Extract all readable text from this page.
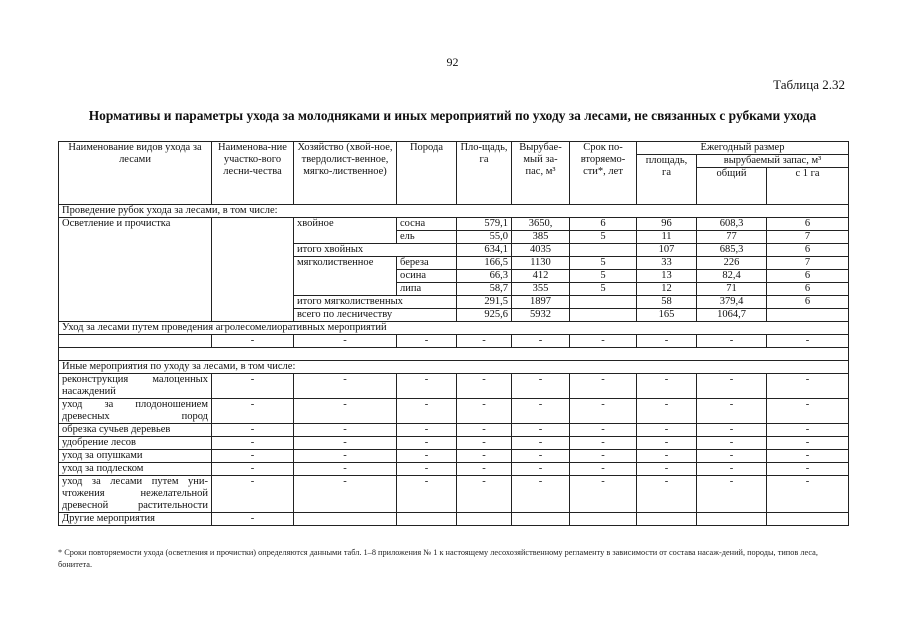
92
Таблица 2.32
Нормативы и параметры ухода за молодняками и иных мероприятий по уходу за лесами, не связанных с рубками ухода
Наименование видов ухода за лесами	Наименова-ние участко-вого лесни-чества	Хозяйство (хвой-ное, твердолист-венное, мягко-лиственное)	Порода	Пло-щадь, га	Вырубае-мый за-пас, м³	Срок по-вторяемо-сти*, лет	Ежегодный размер		
							площадь, га	вырубаемый запас, м³	
								общий	с 1 га
Проведение рубок ухода за лесами, в том числе:									
Осветление и прочистка		хвойное	сосна	579,1	3650,	6	96	608,3	6
			ель	55,0	385	5	11	77	7
		итого хвойных		634,1	4035		107	685,3	6
		мягколиственное	береза	166,5	1130	5	33	226	7
			осина	66,3	412	5	13	82,4	6
			липа	58,7	355	5	12	71	6
		итого мягколиственных		291,5	1897		58	379,4	6
		всего по лесничеству		925,6	5932		165	1064,7	
Уход за лесами путем проведения агролесомелиоративных мероприятий									
	-	-	-	-	-	-	-	-	-

Иные мероприятия по уходу за лесами, в том числе:									
реконструкция малоценных насаждений	-	-	-	-	-	-	-	-	-
уход за плодоношением древесных пород	-	-	-	-	-	-	-	-	-
обрезка сучьев деревьев	-	-	-	-	-	-	-	-	-
удобрение лесов	-	-	-	-	-	-	-	-	-
уход за опушками	-	-	-	-	-	-	-	-	-
уход за подлеском	-	-	-	-	-	-	-	-	-
уход за лесами путем уни-чтожения нежелательной древесной растительности	-	-	-	-	-	-	-	-	-
Другие мероприятия	-								
* Сроки повторяемости ухода (осветления и прочистки) определяются данными табл. 1–8 приложения № 1 к настоящему лесохозяйственному регламенту в зависимости от состава насаж-дений, породы, типов леса, бонитета.
